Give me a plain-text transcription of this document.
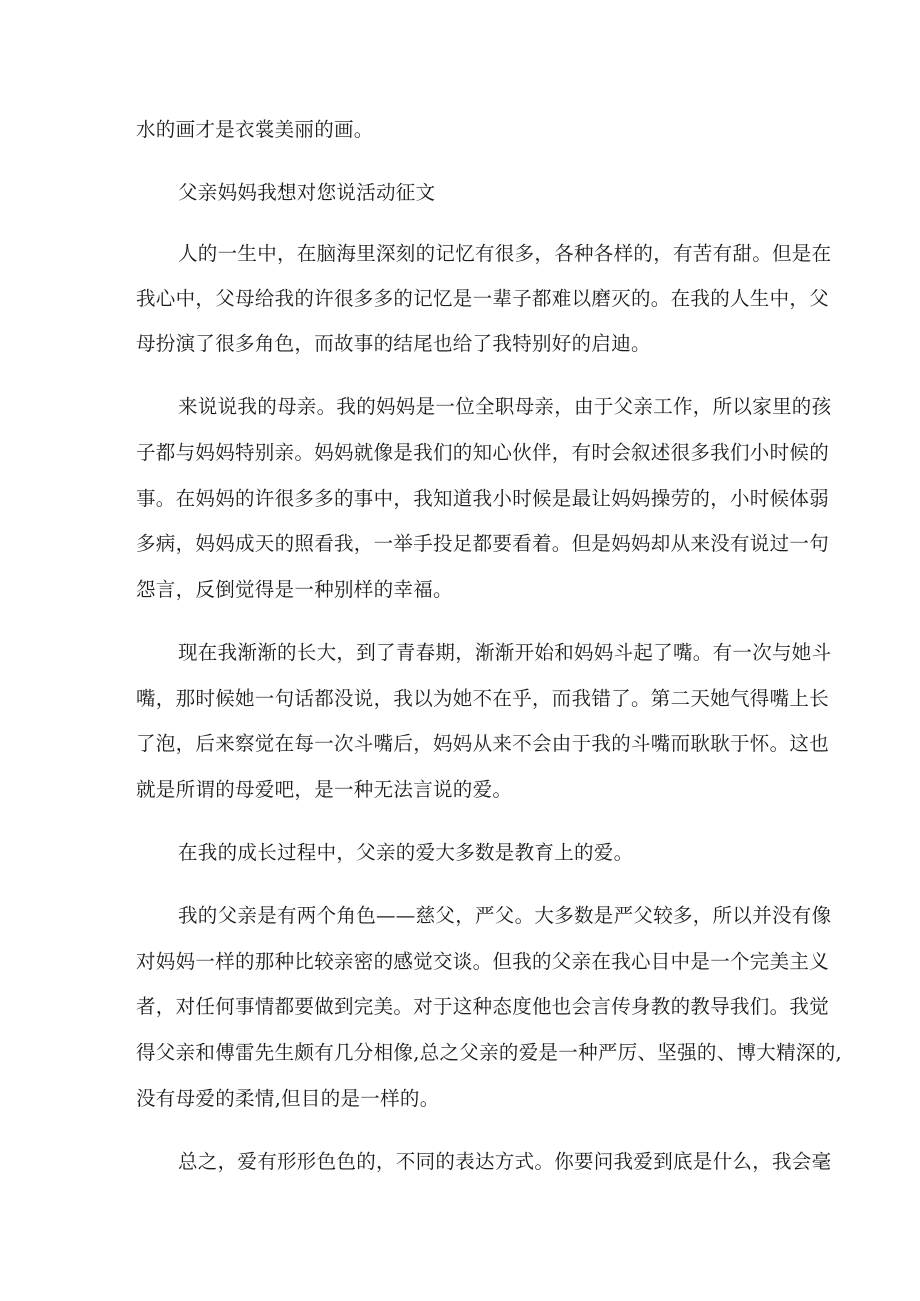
水的画才是衣裳美丽的画。
父亲妈妈我想对您说活动征文
人的一生中，在脑海里深刻的记忆有很多，各种各样的，有苦有甜。但是在
我心中，父母给我的许很多多的记忆是一辈子都难以磨灭的。在我的人生中，父
母扮演了很多角色，而故事的结尾也给了我特别好的启迪。
来说说我的母亲。我的妈妈是一位全职母亲，由于父亲工作，所以家里的孩
子都与妈妈特别亲。妈妈就像是我们的知心伙伴，有时会叙述很多我们小时候的
事。在妈妈的许很多多的事中，我知道我小时候是最让妈妈操劳的，小时候体弱
多病，妈妈成天的照看我，一举手投足都要看着。但是妈妈却从来没有说过一句
怨言，反倒觉得是一种别样的幸福。
现在我渐渐的长大，到了青春期，渐渐开始和妈妈斗起了嘴。有一次与她斗
嘴，那时候她一句话都没说，我以为她不在乎，而我错了。第二天她气得嘴上长
了泡，后来察觉在每一次斗嘴后，妈妈从来不会由于我的斗嘴而耿耿于怀。这也
就是所谓的母爱吧，是一种无法言说的爱。
在我的成长过程中，父亲的爱大多数是教育上的爱。
我的父亲是有两个角色——慈父，严父。大多数是严父较多，所以并没有像
对妈妈一样的那种比较亲密的感觉交谈。但我的父亲在我心目中是一个完美主义
者，对任何事情都要做到完美。对于这种态度他也会言传身教的教导我们。我觉
得父亲和傅雷先生颇有几分相像,总之父亲的爱是一种严厉、坚强的、博大精深的,
没有母爱的柔情,但目的是一样的。
总之，爱有形形色色的，不同的表达方式。你要问我爱到底是什么，我会毫
